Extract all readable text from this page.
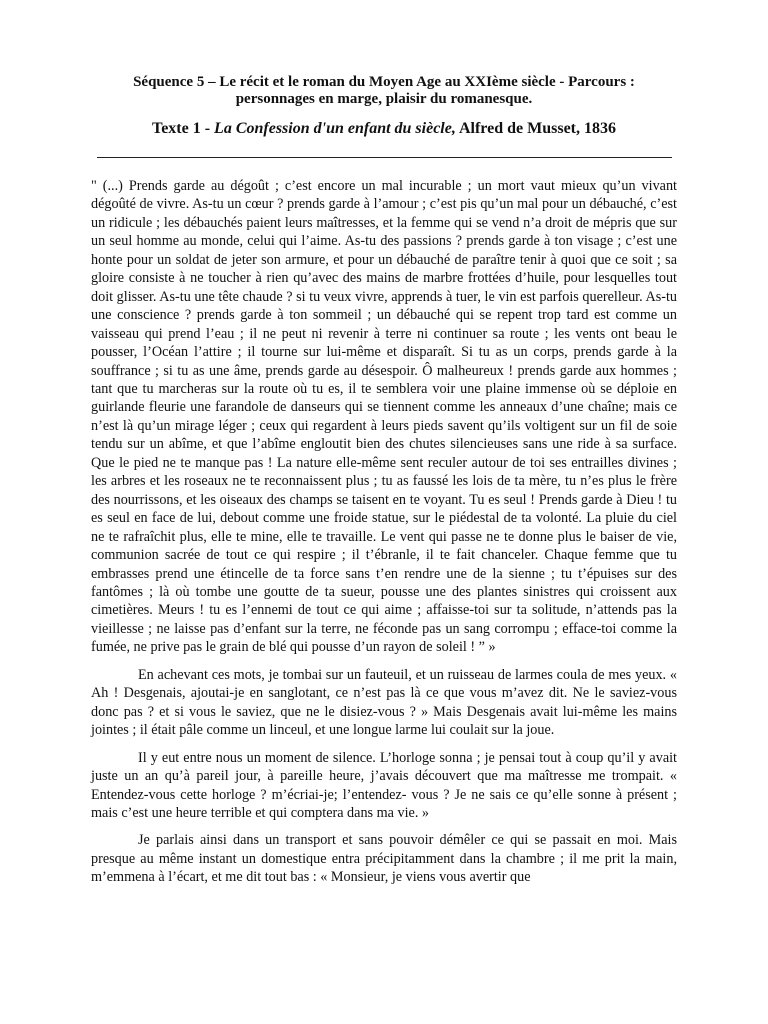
Séquence 5 – Le récit et le roman du Moyen Age au XXIème siècle - Parcours :
personnages en marge, plaisir du romanesque.
Texte 1 - La Confession d'un enfant du siècle, Alfred de Musset, 1836

" (...) Prends garde au dégoût ; c’est encore un mal incurable ; un mort vaut mieux qu’un vivant dégoûté de vivre. As-tu un cœur ? prends garde à l’amour ; c’est pis qu’un mal pour un débauché, c’est un ridicule ; les débauchés paient leurs maîtresses, et la femme qui se vend n’a droit de mépris que sur un seul homme au monde, celui qui l’aime. As-tu des passions ? prends garde à ton visage ; c’est une honte pour un soldat de jeter son armure, et pour un débauché de paraître tenir à quoi que ce soit ; sa gloire consiste à ne toucher à rien qu’avec des mains de marbre frottées d’huile, pour lesquelles tout doit glisser. As-tu une tête chaude ? si tu veux vivre, apprends à tuer, le vin est parfois querelleur. As-tu une conscience ? prends garde à ton sommeil ; un débauché qui se repent trop tard est comme un vaisseau qui prend l’eau ; il ne peut ni revenir à terre ni continuer sa route ; les vents ont beau le pousser, l’Océan l’attire ; il tourne sur lui-même et disparaît. Si tu as un corps, prends garde à la souffrance ; si tu as une âme, prends garde au désespoir. Ô malheureux ! prends garde aux hommes ; tant que tu marcheras sur la route où tu es, il te semblera voir une plaine immense où se déploie en guirlande fleurie une farandole de danseurs qui se tiennent comme les anneaux d’une chaîne; mais ce n’est là qu’un mirage léger ; ceux qui regardent à leurs pieds savent qu’ils voltigent sur un fil de soie tendu sur un abîme, et que l’abîme engloutit bien des chutes silencieuses sans une ride à sa surface. Que le pied ne te manque pas ! La nature elle-même sent reculer autour de toi ses entrailles divines ; les arbres et les roseaux ne te reconnaissent plus ; tu as faussé les lois de ta mère, tu n’es plus le frère des nourrissons, et les oiseaux des champs se taisent en te voyant. Tu es seul ! Prends garde à Dieu ! tu es seul en face de lui, debout comme une froide statue, sur le piédestal de ta volonté. La pluie du ciel ne te rafraîchit plus, elle te mine, elle te travaille. Le vent qui passe ne te donne plus le baiser de vie, communion sacrée de tout ce qui respire ; il t’ébranle, il te fait chanceler. Chaque femme que tu embrasses prend une étincelle de ta force sans t’en rendre une de la sienne ; tu t’épuises sur des fantômes ; là où tombe une goutte de ta sueur, pousse une des plantes sinistres qui croissent aux cimetières. Meurs ! tu es l’ennemi de tout ce qui aime ; affaisse-toi sur ta solitude, n’attends pas la vieillesse ; ne laisse pas d’enfant sur la terre, ne féconde pas un sang corrompu ; efface-toi comme la fumée, ne prive pas le grain de blé qui pousse d’un rayon de soleil ! ” »

En achevant ces mots, je tombai sur un fauteuil, et un ruisseau de larmes coula de mes yeux. « Ah ! Desgenais, ajoutai-je en sanglotant, ce n’est pas là ce que vous m’avez dit. Ne le saviez-vous donc pas ? et si vous le saviez, que ne le disiez-vous ? » Mais Desgenais avait lui-même les mains jointes ; il était pâle comme un linceul, et une longue larme lui coulait sur la joue.

Il y eut entre nous un moment de silence. L’horloge sonna ; je pensai tout à coup qu’il y avait juste un an qu’à pareil jour, à pareille heure, j’avais découvert que ma maîtresse me trompait. « Entendez-vous cette horloge ? m’écriai-je; l’entendez- vous ? Je ne sais ce qu’elle sonne à présent ; mais c’est une heure terrible et qui comptera dans ma vie. »

Je parlais ainsi dans un transport et sans pouvoir démêler ce qui se passait en moi. Mais presque au même instant un domestique entra précipitamment dans la chambre ; il me prit la main, m’emmena à l’écart, et me dit tout bas : « Monsieur, je viens vous avertir que
